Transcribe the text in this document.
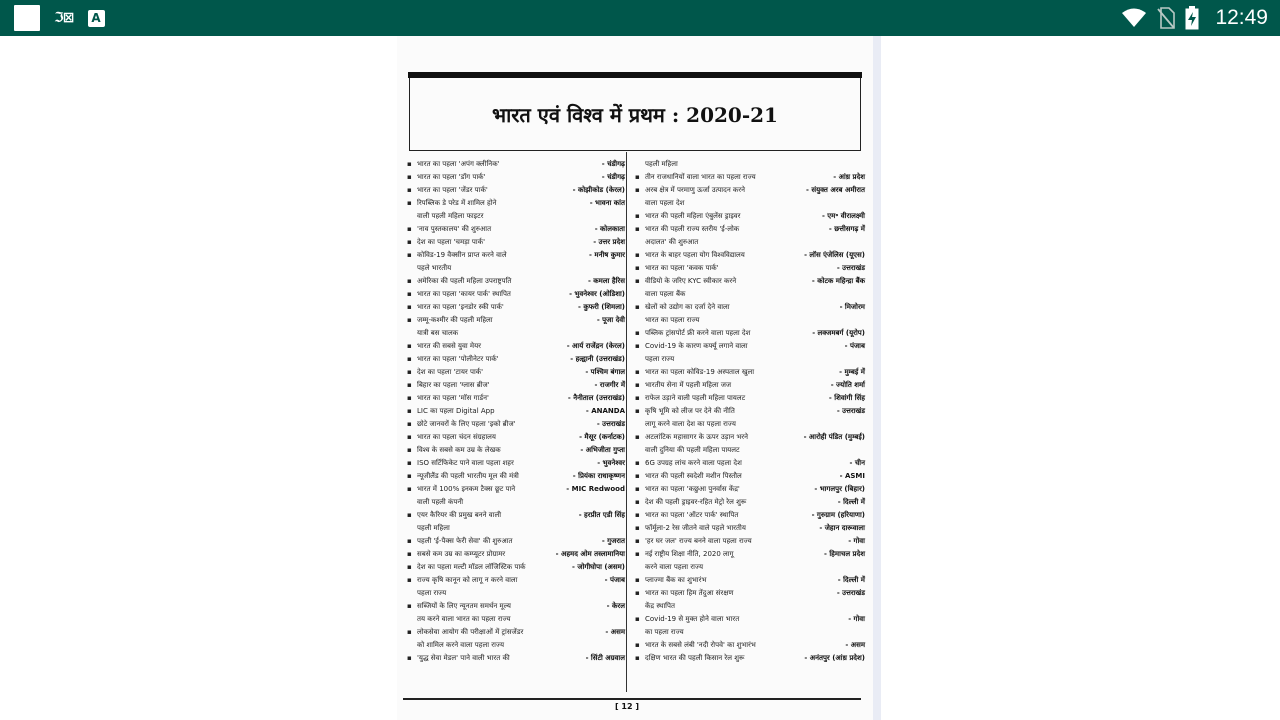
ℑ⊠	A	12:49
भारत एवं विश्व में प्रथम : 2020-21
▪ भारत का पहला 'अपंग क्लीनिक'	- चंडीगढ़
▪ भारत का पहला 'डॉग पार्क'	- चंडीगढ़
▪ भारत का पहला 'जेंडर पार्क'	- कोझीकोड (केरल)
▪ रिपब्लिक डे परेड में शामिल होने	- भावना कांत
वाली पहली महिला फाइटर
▪ 'नाव पुस्तकालय' की शुरुआत	- कोलकाता
▪ देश का पहला 'चमड़ा पार्क'	- उत्तर प्रदेश
▪ कोविड-19 वैक्सीन प्राप्त करने वाले	- मनीष कुमार
पहले भारतीय
▪ अमेरिका की पहली महिला उपराष्ट्रपति	- कमला हैरिस
▪ भारत का पहला 'कायर पार्क' स्थापित	- भुवनेश्वर (ओडिशा)
▪ भारत का पहला 'इनडोर स्की पार्क'	- कुफरी (शिमला)
▪ जम्मू-कश्मीर की पहली महिला	- पूजा देवी
यात्री बस चालक
▪ भारत की सबसे युवा मेयर	- आर्य राजेंद्रन (केरल)
▪ भारत का पहला 'पोलीनेटर पार्क'	- हल्द्वानी (उत्तराखंड)
▪ देश का पहला 'टायर पार्क'	- पश्चिम बंगाल
▪ बिहार का पहला 'ग्लास ब्रीज'	- राजगीर में
▪ भारत का पहला 'मॉस गार्डन'	- नैनीताल (उत्तराखंड)
▪ LIC का पहला Digital App	- ANANDA
▪ छोटे जानवरों के लिए पहला 'इको ब्रीज'	- उत्तराखंड
▪ भारत का पहला चंदन संग्रहालय	- मैसूर (कर्नाटक)
▪ विश्व के सबसे कम उम्र के लेखक	- अभिजीता गुप्ता
▪ ISO सर्टिफिकेट पाने वाला पहला शहर	- भुवनेश्वर
▪ न्यूजीलैंड की पहली भारतीय मूल की मंत्री	- प्रियंका राधाकृष्णन
▪ भारत में 100% इनकम टैक्स छूट पाने	- MIC Redwood
वाली पहली कंपनी
▪ एयर कैरियर की प्रमुख बनने वाली	- हरप्रीत एडी सिंह
पहली महिला
▪ पहली 'ई-पैक्स फेरी सेवा' की शुरुआत	- गुजरात
▪ सबसे कम उम्र का कम्प्यूटर प्रोग्रामर	- अहमद ओम तस्लामानिया
▪ देश का पहला मल्टी मॉडल लॉजिस्टिक पार्क	- जोगीघोपा (असम)
▪ राज्य कृषि कानून को लागू न करने वाला	- पंजाब
पहला राज्य
▪ सब्जियों के लिए न्यूनतम समर्थन मूल्य	- केरल
तय करने वाला भारत का पहला राज्य
▪ लोकसेवा आयोग की परीक्षाओं में ट्रांसजेंडर	- असम
को शामिल करने वाला पहला राज्य
▪ 'युद्ध सेवा मेडल' पाने वाली भारत की	- सिंटी अग्रवाल
पहली महिला
▪ तीन राजधानियों वाला भारत का पहला राज्य	- आंध्र प्रदेश
▪ अरब क्षेत्र में परमाणु ऊर्जा उत्पादन करने	- संयुक्त अरब अमीरात
वाला पहला देश
▪ भारत की पहली महिला एंबुलेंस ड्राइवर	- एम॰ वीरालक्ष्मी
▪ भारत की पहली राज्य स्तरीय 'ई-लोक	- छत्तीसगढ़ में
अदालत' की शुरुआत
▪ भारत के बाहर पहला योग विश्वविद्यालय	- लॉस एंजेलिस (यूएस)
▪ भारत का पहला 'कवक पार्क'	- उत्तराखंड
▪ वीडियो के जरिए KYC स्वीकार करने	- कोटक महिन्द्रा बैंक
वाला पहला बैंक
▪ खेलों को उद्योग का दर्जा देने वाला	- मिजोरम
भारत का पहला राज्य
▪ पब्लिक ट्रांसपोर्ट फ्री करने वाला पहला देश	- लक्जमबर्ग (यूरोप)
▪ Covid-19 के कारण कर्फ्यू लगाने वाला	- पंजाब
पहला राज्य
▪ भारत का पहला कोविड-19 अस्पताल खुला	- मुम्बई में
▪ भारतीय सेना में पहली महिला जज	- ज्योति शर्मा
▪ राफेल उड़ाने वाली पहली महिला पायलट	- शिवांगी सिंह
▪ कृषि भूमि को लीज पर देने की नीति	- उत्तराखंड
लागू करने वाला देश का पहला राज्य
▪ अटलांटिक महासागर के ऊपर उड़ान भरने	- आरोही पंडित (मुम्बई)
वाली दुनिया की पहली महिला पायलट
▪ 6G उपग्रह लांच करने वाला पहला देश	- चीन
▪ भारत की पहली स्वदेशी मशीन पिस्तौल	- ASMI
▪ भारत का पहला 'कछुआ पुनर्वास केंद्र'	- भागलपुर (बिहार)
▪ देश की पहली ड्राइवर-रहित मेट्रो रेल शुरू	- दिल्ली में
▪ भारत का पहला 'ऑटर पार्क' स्थापित	- गुरुग्राम (हरियाणा)
▪ फॉर्मूला-2 रेस जीतने वाले पहले भारतीय	- जेहान दारूवाला
▪ 'हर घर जल' राज्य बनने वाला पहला राज्य	- गोवा
▪ नई राष्ट्रीय शिक्षा नीति, 2020 लागू	- हिमाचल प्रदेश
करने वाला पहला राज्य
▪ प्लाज्मा बैंक का शुभारंभ	- दिल्ली में
▪ भारत का पहला हिम तेंदुआ संरक्षण	- उत्तराखंड
केंद्र स्थापित
▪ Covid-19 से मुक्त होने वाला भारत	- गोवा
का पहला राज्य
▪ भारत के सबसे लंबी 'नदी रोपवे' का शुभारंभ	- असम
▪ दक्षिण भारत की पहली किसान रेल शुरू	- अनंतपुर (आंध्र प्रदेश)
[ 12 ]
